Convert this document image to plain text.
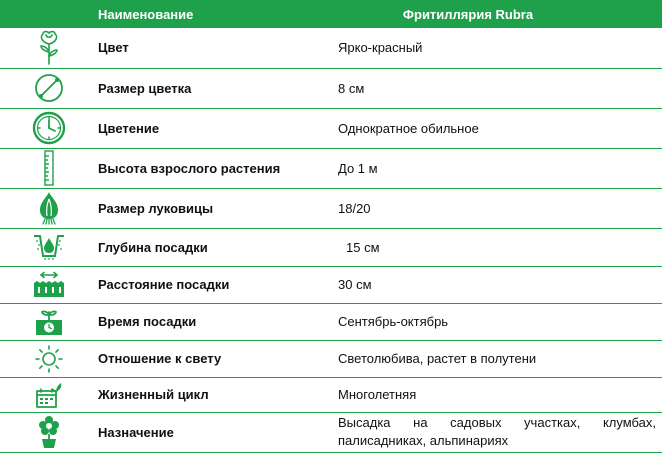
Наименование	Фритиллярия Rubra
	Цвет	Ярко-красный

	Размер цветка	8 см

	Цветение	Однократное обильное

	Высота взрослого растения	До 1 м

	Размер луковицы	18/20

	Глубина посадки	15 см

	Расстояние посадки	30 см

	Время посадки	Сентябрь-октябрь

	Отношение к свету	Светолюбива, растет в полутени

	Жизненный цикл	Многолетняя

	Назначение	Высадка на садовых участках, клумбах, палисадниках, альпинариях
